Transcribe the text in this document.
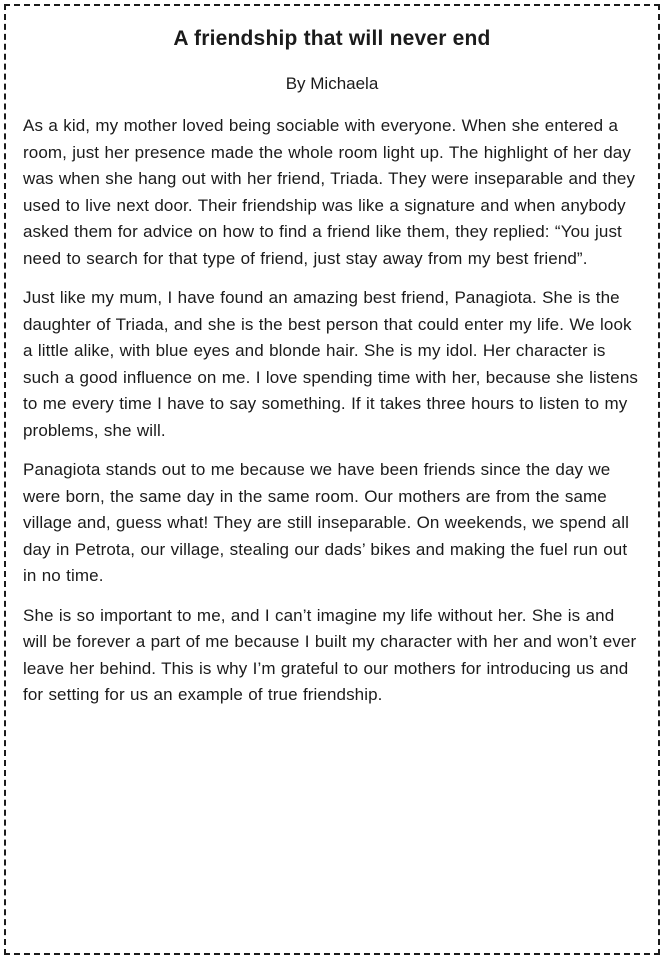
A friendship that will never end
By Michaela

As a kid, my mother loved being sociable with everyone. When she entered a room, just her presence made the whole room light up. The highlight of her day was when she hang out with her friend, Triada. They were inseparable and they used to live next door. Their friendship was like a signature and when anybody asked them for advice on how to find a friend like them, they replied: “You just need to search for that type of friend, just stay away from my best friend”.

Just like my mum, I have found an amazing best friend, Panagiota. She is the daughter of Triada, and she is the best person that could enter my life. We look a little alike, with blue eyes and blonde hair. She is my idol. Her character is such a good influence on me. I love spending time with her, because she listens to me every time I have to say something. If it takes three hours to listen to my problems, she will.

Panagiota stands out to me because we have been friends since the day we were born, the same day in the same room. Our mothers are from the same village and, guess what! They are still inseparable. On weekends, we spend all day in Petrota, our village, stealing our dads’ bikes and making the fuel run out in no time.

She is so important to me, and I can’t imagine my life without her. She is and will be forever a part of me because I built my character with her and won’t ever leave her behind. This is why I’m grateful to our mothers for introducing us and for setting for us an example of true friendship.
